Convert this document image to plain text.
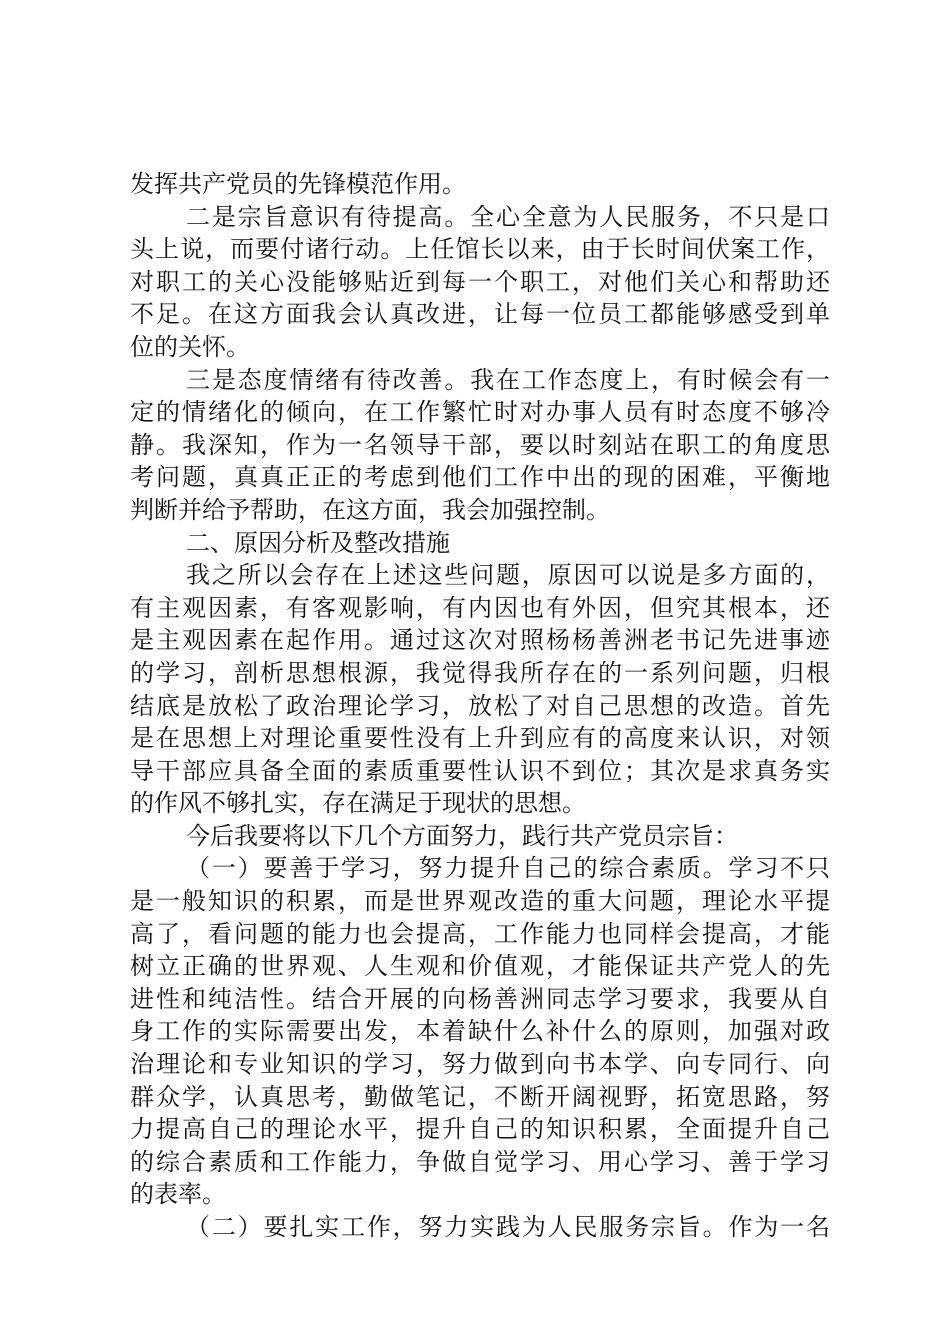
发挥共产党员的先锋模范作用。
二是宗旨意识有待提高。全心全意为人民服务，不只是口
头上说，而要付诸行动。上任馆长以来，由于长时间伏案工作，
对职工的关心没能够贴近到每一个职工，对他们关心和帮助还
不足。在这方面我会认真改进，让每一位员工都能够感受到单
位的关怀。
三是态度情绪有待改善。我在工作态度上，有时候会有一
定的情绪化的倾向，在工作繁忙时对办事人员有时态度不够冷
静。我深知，作为一名领导干部，要以时刻站在职工的角度思
考问题，真真正正的考虑到他们工作中出的现的困难，平衡地
判断并给予帮助，在这方面，我会加强控制。
二、原因分析及整改措施
我之所以会存在上述这些问题，原因可以说是多方面的，
有主观因素，有客观影响，有内因也有外因，但究其根本，还
是主观因素在起作用。通过这次对照杨杨善洲老书记先进事迹
的学习，剖析思想根源，我觉得我所存在的一系列问题，归根
结底是放松了政治理论学习，放松了对自己思想的改造。首先
是在思想上对理论重要性没有上升到应有的高度来认识，对领
导干部应具备全面的素质重要性认识不到位；其次是求真务实
的作风不够扎实，存在满足于现状的思想。
今后我要将以下几个方面努力，践行共产党员宗旨：
（一）要善于学习，努力提升自己的综合素质。学习不只
是一般知识的积累，而是世界观改造的重大问题，理论水平提
高了，看问题的能力也会提高，工作能力也同样会提高，才能
树立正确的世界观、人生观和价值观，才能保证共产党人的先
进性和纯洁性。结合开展的向杨善洲同志学习要求，我要从自
身工作的实际需要出发，本着缺什么补什么的原则，加强对政
治理论和专业知识的学习，努力做到向书本学、向专同行、向
群众学，认真思考，勤做笔记，不断开阔视野，拓宽思路，努
力提高自己的理论水平，提升自己的知识积累，全面提升自己
的综合素质和工作能力，争做自觉学习、用心学习、善于学习
的表率。
（二）要扎实工作，努力实践为人民服务宗旨。作为一名
